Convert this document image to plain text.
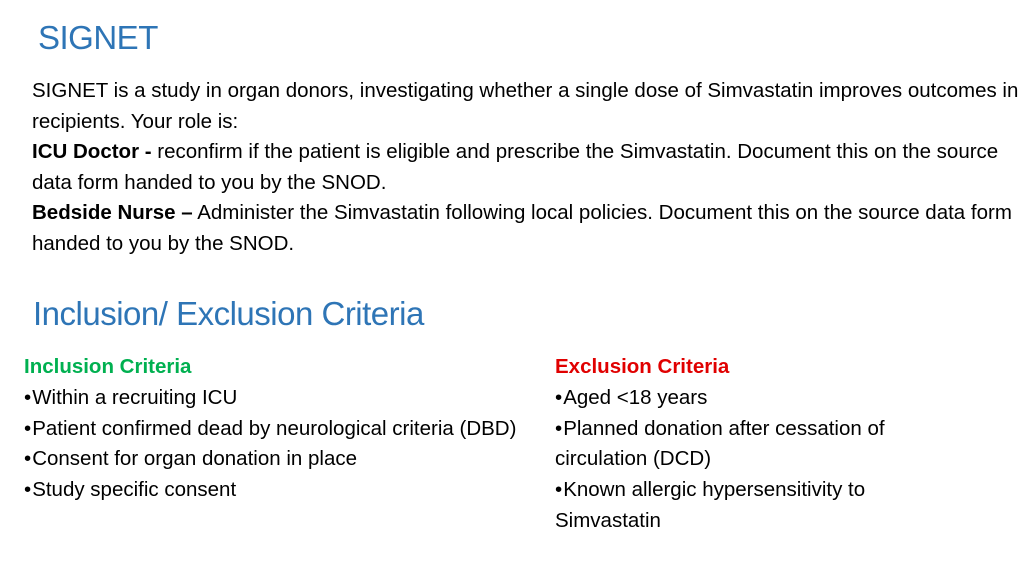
SIGNET

SIGNET is a study in organ donors, investigating whether a single dose of Simvastatin improves outcomes in recipients. Your role is:

ICU Doctor - reconfirm if the patient is eligible and prescribe the Simvastatin. Document this on the source data form handed to you by the SNOD.

Bedside Nurse – Administer the Simvastatin following local policies. Document this on the source data form handed to you by the SNOD.

Inclusion/ Exclusion Criteria
Inclusion Criteria
•Within a recruiting ICU
•Patient confirmed dead by neurological criteria (DBD)
•Consent for organ donation in place
•Study specific consent
Exclusion Criteria
•Aged <18 years
•Planned donation after cessation of circulation (DCD)
•Known allergic hypersensitivity to Simvastatin
